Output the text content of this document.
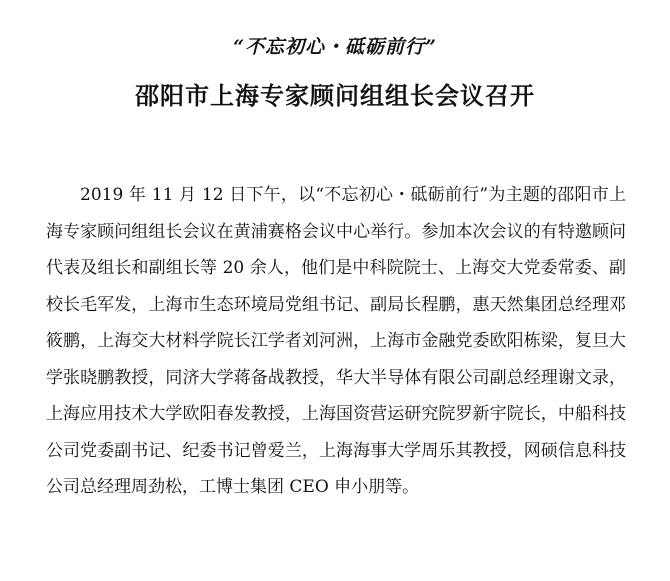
“不忘初心・砥砺前行”
邵阳市上海专家顾问组组长会议召开

2019 年 11 月 12 日下午，以“不忘初心・砥砺前行”为主题的邵阳市上海专家顾问组组长会议在黄浦赛格会议中心举行。参加本次会议的有特邀顾问代表及组长和副组长等 20 余人，他们是中科院院士、上海交大党委常委、副校长毛军发，上海市生态环境局党组书记、副局长程鹏，惠天然集团总经理邓筱鹏，上海交大材料学院长江学者刘河洲，上海市金融党委欧阳栋梁，复旦大学张晓鹏教授，同济大学蒋备战教授，华大半导体有限公司副总经理谢文录，上海应用技术大学欧阳春发教授，上海国资营运研究院罗新宇院长，中船科技公司党委副书记、纪委书记曾爱兰，上海海事大学周乐其教授，网硕信息科技公司总经理周劲松，工博士集团 CEO 申小朋等。
